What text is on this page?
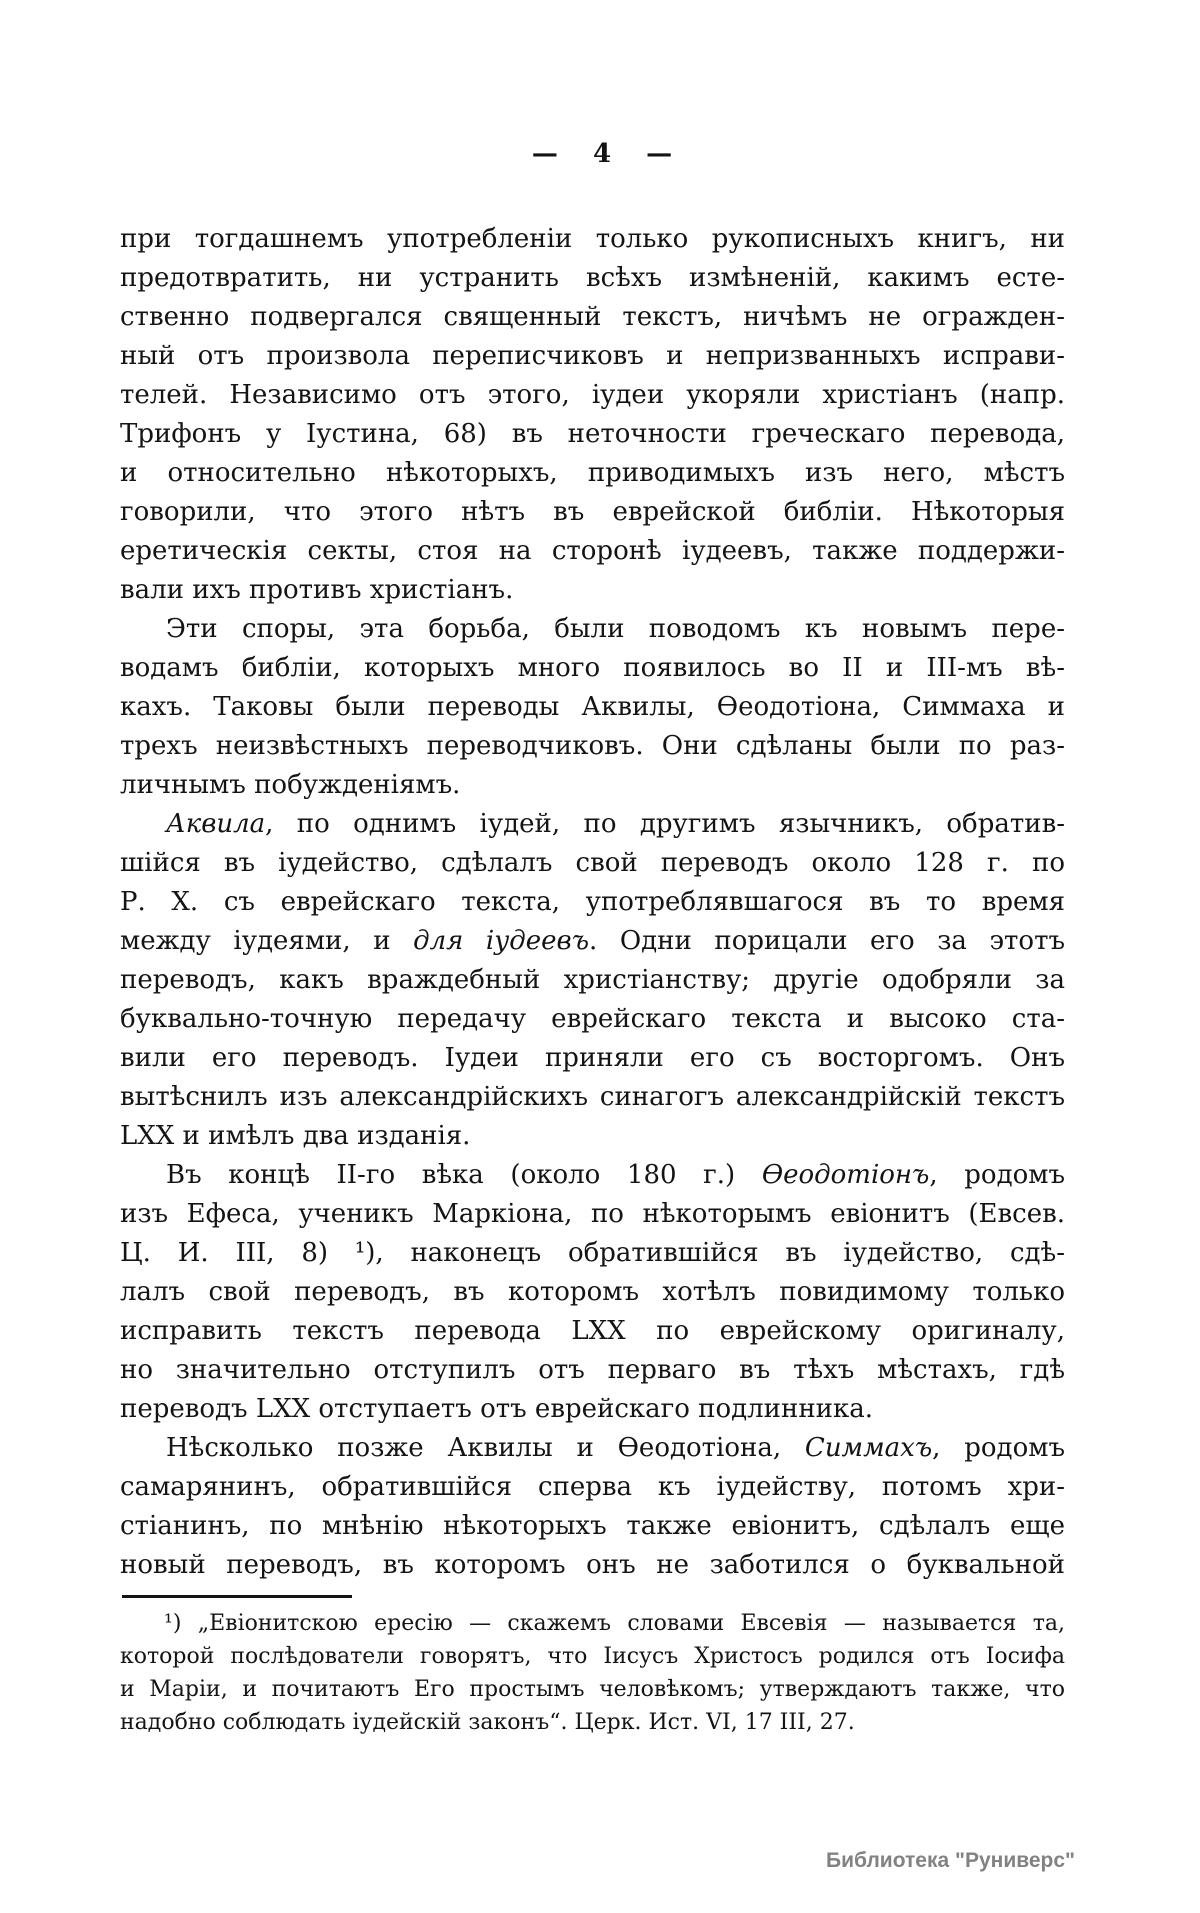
— 4 —
при тогдашнемъ употребленіи только рукописныхъ книгъ, ни
предотвратить, ни устранить всѣхъ измѣненій, какимъ есте-
ственно подвергался священный текстъ, ничѣмъ не огражден-
ный отъ произвола переписчиковъ и непризванныхъ исправи-
телей. Независимо отъ этого, іудеи укоряли христіанъ (напр.
Трифонъ у Іустина, 68) въ неточности греческаго перевода,
и относительно нѣкоторыхъ, приводимыхъ изъ него, мѣстъ
говорили, что этого нѣтъ въ еврейской библіи. Нѣкоторыя
еретическія секты, стоя на сторонѣ іудеевъ, также поддержи-
вали ихъ противъ христіанъ.
Эти споры, эта борьба, были поводомъ къ новымъ пере-
водамъ библіи, которыхъ много появилось во II и III-мъ вѣ-
кахъ. Таковы были переводы Аквилы, Ѳеодотіона, Симмаха и
трехъ неизвѣстныхъ переводчиковъ. Они сдѣланы были по раз-
личнымъ побужденіямъ.
Аквила, по однимъ іудей, по другимъ язычникъ, обратив-
шійся въ іудейство, сдѣлалъ свой переводъ около 128 г. по
Р. Х. съ еврейскаго текста, употреблявшагося въ то время
между іудеями, и для іудеевъ. Одни порицали его за этотъ
переводъ, какъ враждебный христіанству; другіе одобряли за
буквально-точную передачу еврейскаго текста и высоко ста-
вили его переводъ. Іудеи приняли его съ восторгомъ. Онъ
вытѣснилъ изъ александрійскихъ синагогъ александрійскій текстъ
LXX и имѣлъ два изданія.
Въ концѣ II-го вѣка (около 180 г.) Ѳеодотіонъ, родомъ
изъ Ефеса, ученикъ Маркіона, по нѣкоторымъ евіонитъ (Евсев.
Ц. И. III, 8) ¹), наконецъ обратившійся въ іудейство, сдѣ-
лалъ свой переводъ, въ которомъ хотѣлъ повидимому только
исправить текстъ перевода LXX по еврейскому оригиналу,
но значительно отступилъ отъ перваго въ тѣхъ мѣстахъ, гдѣ
переводъ LXX отступаетъ отъ еврейскаго подлинника.
Нѣсколько позже Аквилы и Ѳеодотіона, Симмахъ, родомъ
самарянинъ, обратившійся сперва къ іудейству, потомъ хри-
стіанинъ, по мнѣнію нѣкоторыхъ также евіонитъ, сдѣлалъ еще
новый переводъ, въ которомъ онъ не заботился о буквальной
¹) „Евіонитскою ересію — скажемъ словами Евсевія — называется та,
которой послѣдователи говорятъ, что Іисусъ Христосъ родился отъ Іосифа
и Маріи, и почитаютъ Его простымъ человѣкомъ; утверждаютъ также, что
надобно соблюдать іудейскій законъ“. Церк. Ист. VI, 17 III, 27.
Библиотека "Руниверс"
